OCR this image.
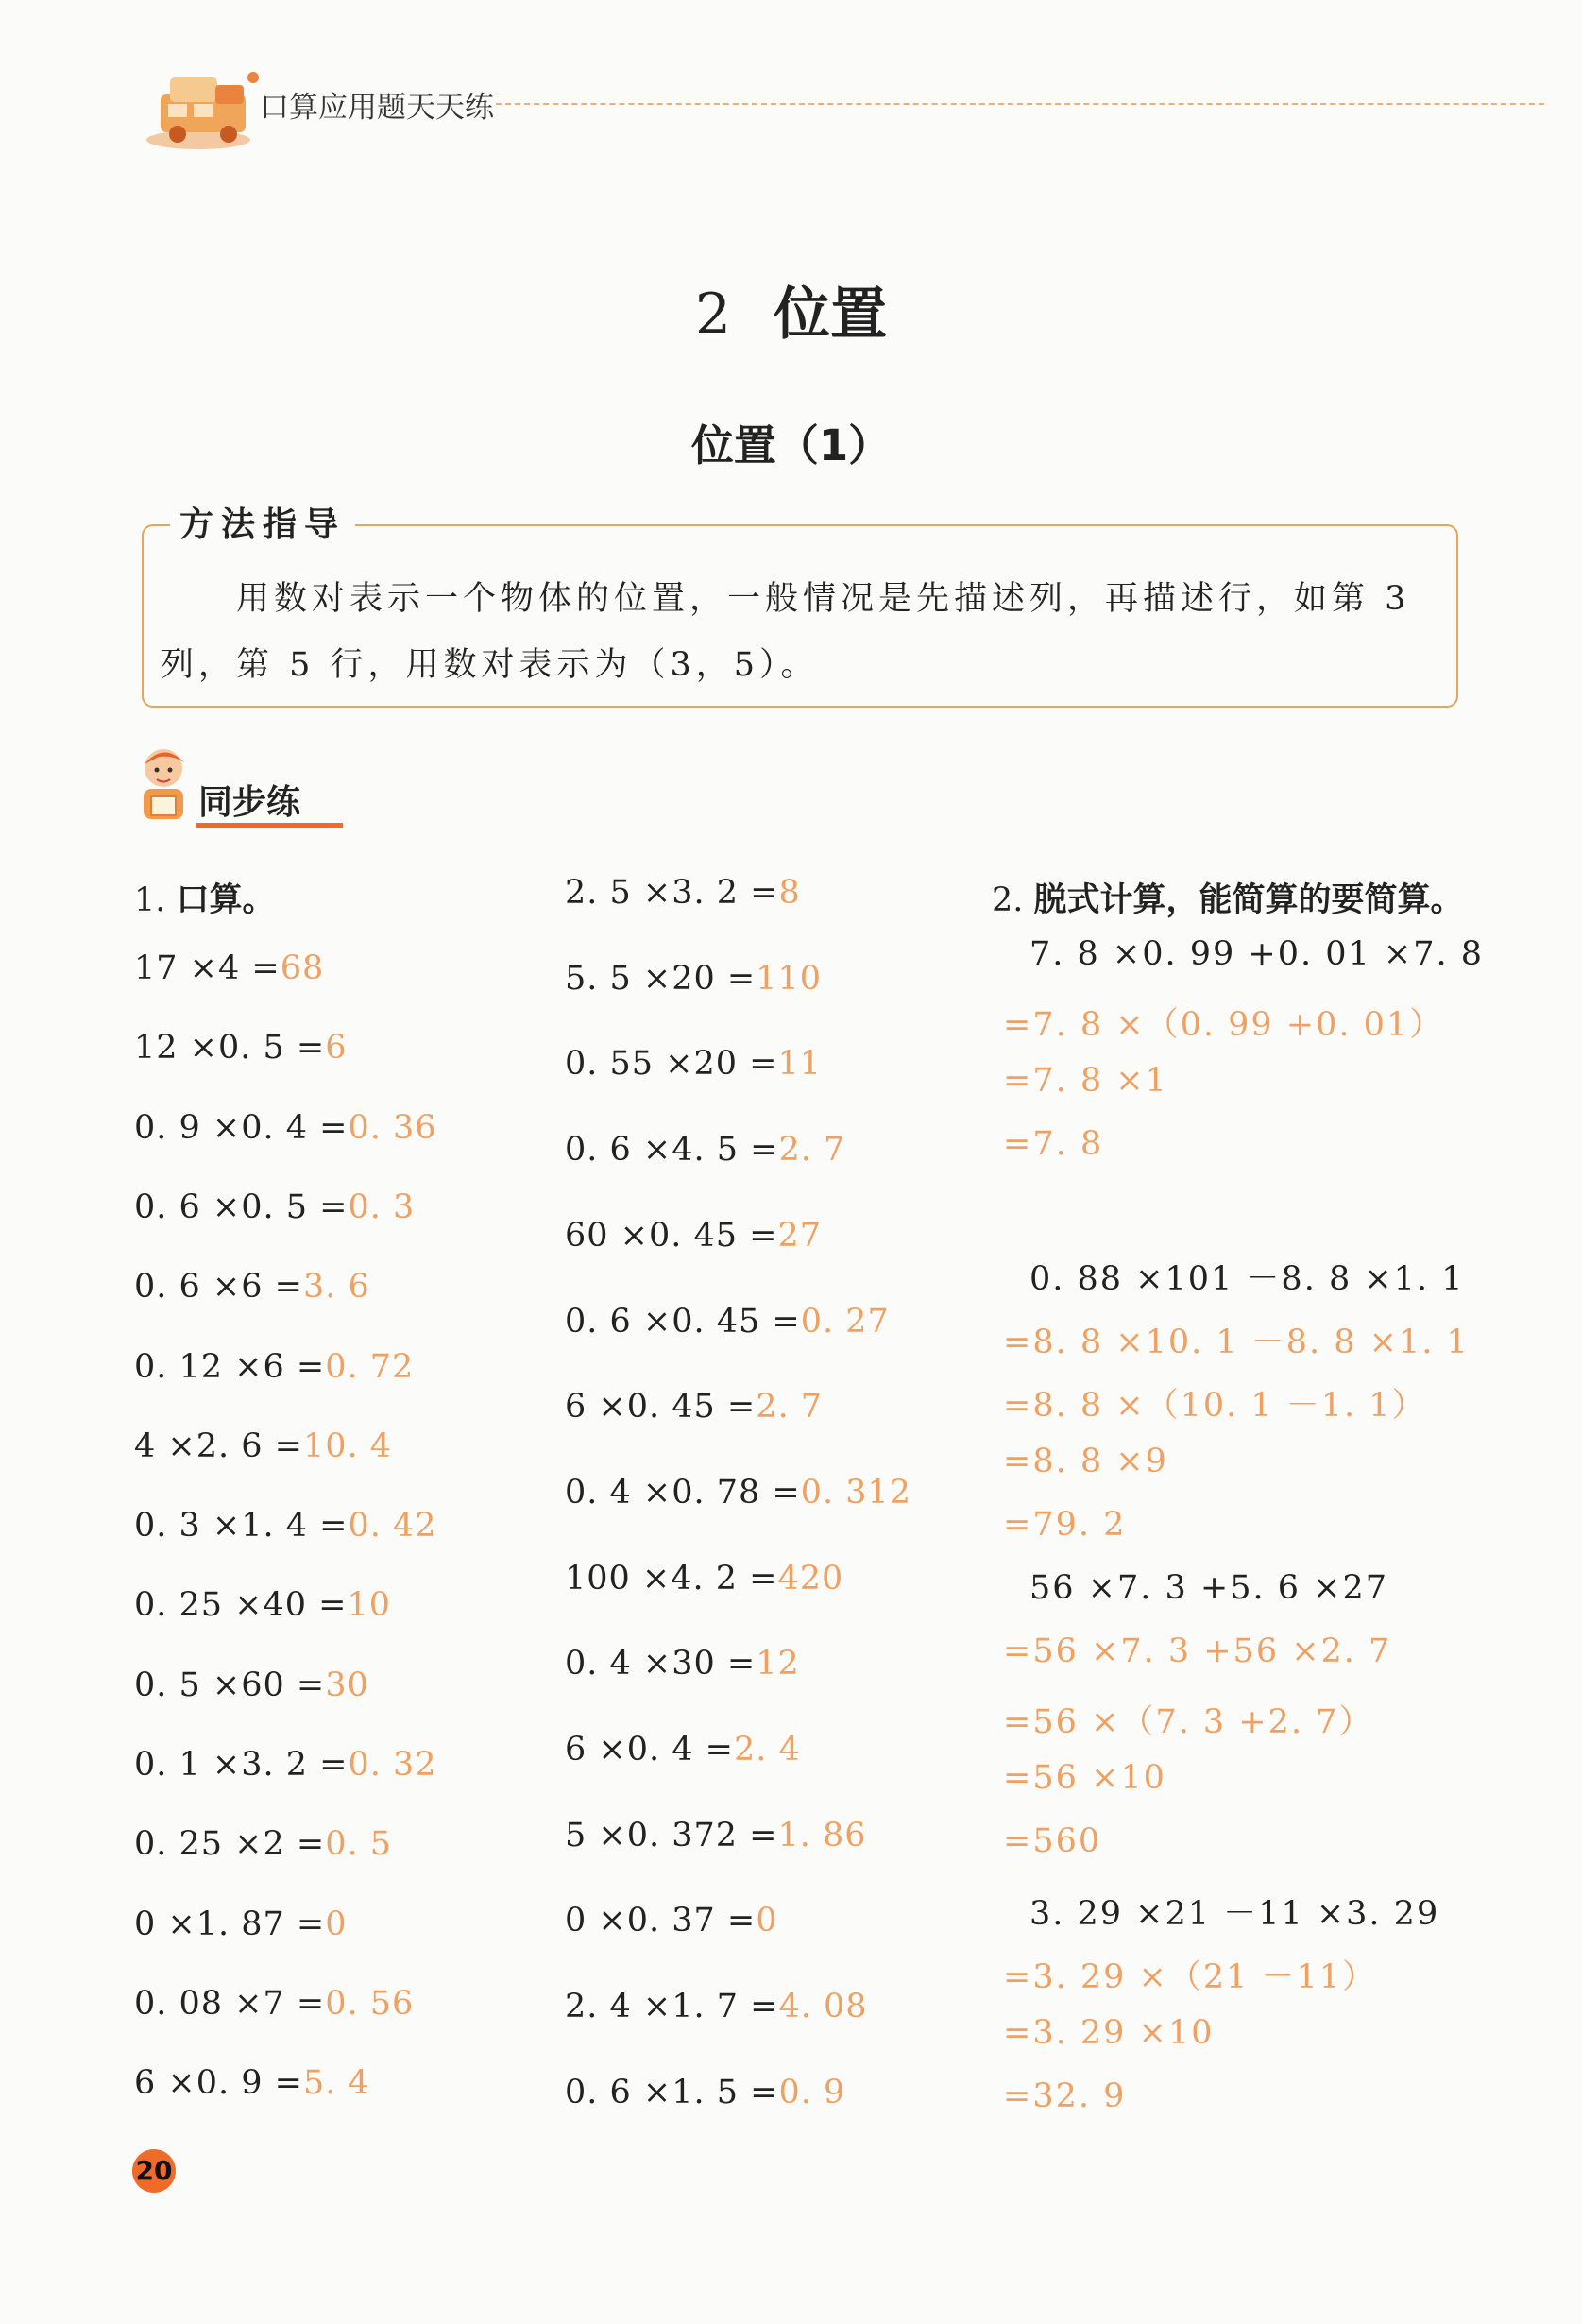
口算应用题天天练
2 位置
位置（1）
方法指导
用数对表示一个物体的位置，一般情况是先描述列，再描述行，如第 3 列，第 5 行，用数对表示为（3，5）。
同步练
1. 口算。
17 ×4 =68
12 ×0. 5 =6
0. 9 ×0. 4 =0. 36
0. 6 ×0. 5 =0. 3
0. 6 ×6 =3. 6
0. 12 ×6 =0. 72
4 ×2. 6 =10. 4
0. 3 ×1. 4 =0. 42
0. 25 ×40 =10
0. 5 ×60 =30
0. 1 ×3. 2 =0. 32
0. 25 ×2 =0. 5
0 ×1. 87 =0
0. 08 ×7 =0. 56
6 ×0. 9 =5. 4
2. 5 ×3. 2 =8
5. 5 ×20 =110
0. 55 ×20 =11
0. 6 ×4. 5 =2. 7
60 ×0. 45 =27
0. 6 ×0. 45 =0. 27
6 ×0. 45 =2. 7
0. 4 ×0. 78 =0. 312
100 ×4. 2 =420
0. 4 ×30 =12
6 ×0. 4 =2. 4
5 ×0. 372 =1. 86
0 ×0. 37 =0
2. 4 ×1. 7 =4. 08
0. 6 ×1. 5 =0. 9
2. 脱式计算，能简算的要简算。
7. 8 ×0. 99 +0. 01 ×7. 8
=7. 8 ×（0. 99 +0. 01）
=7. 8 ×1
=7. 8
0. 88 ×101 －8. 8 ×1. 1
=8. 8 ×10. 1 －8. 8 ×1. 1
=8. 8 ×（10. 1 －1. 1）
=8. 8 ×9
=79. 2
56 ×7. 3 +5. 6 ×27
=56 ×7. 3 +56 ×2. 7
=56 ×（7. 3 +2. 7）
=56 ×10
=560
3. 29 ×21 －11 ×3. 29
=3. 29 ×（21 －11）
=3. 29 ×10
=32. 9
20
